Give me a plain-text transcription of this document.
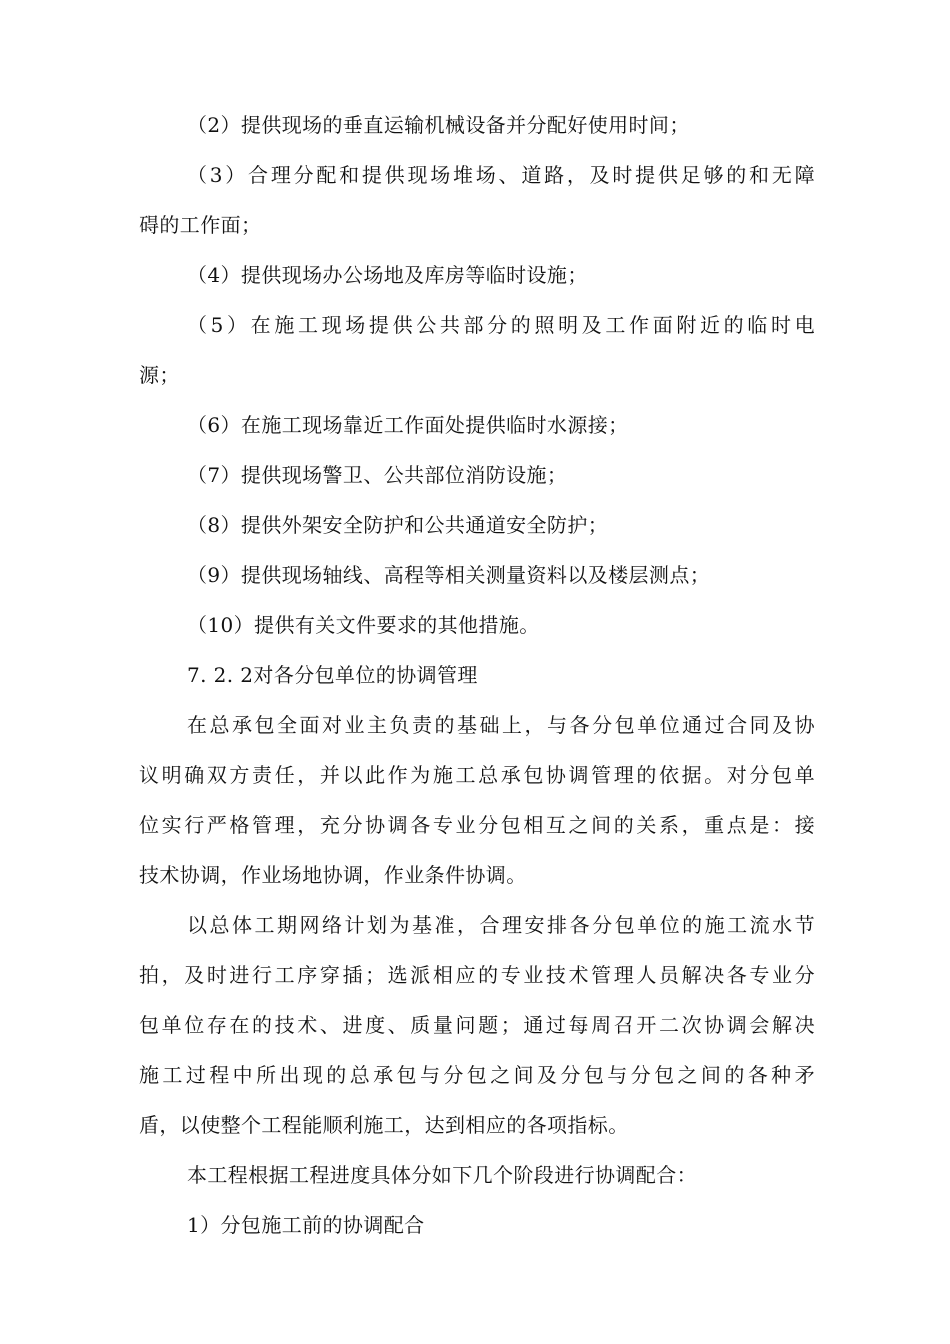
（2）提供现场的垂直运输机械设备并分配好使用时间；
（3）合理分配和提供现场堆场、道路，及时提供足够的和无障
碍的工作面；
（4）提供现场办公场地及库房等临时设施；
（5）在施工现场提供公共部分的照明及工作面附近的临时电
源；
（6）在施工现场靠近工作面处提供临时水源接；
（7）提供现场警卫、公共部位消防设施；
（8）提供外架安全防护和公共通道安全防护；
（9）提供现场轴线、高程等相关测量资料以及楼层测点；
（10）提供有关文件要求的其他措施。
7. 2. 2对各分包单位的协调管理
在总承包全面对业主负责的基础上，与各分包单位通过合同及协
议明确双方责任，并以此作为施工总承包协调管理的依据。对分包单
位实行严格管理，充分协调各专业分包相互之间的关系，重点是：接
技术协调，作业场地协调，作业条件协调。
以总体工期网络计划为基准，合理安排各分包单位的施工流水节
拍，及时进行工序穿插；选派相应的专业技术管理人员解决各专业分
包单位存在的技术、进度、质量问题；通过每周召开二次协调会解决
施工过程中所出现的总承包与分包之间及分包与分包之间的各种矛
盾，以使整个工程能顺利施工，达到相应的各项指标。
本工程根据工程进度具体分如下几个阶段进行协调配合：
1）分包施工前的协调配合
